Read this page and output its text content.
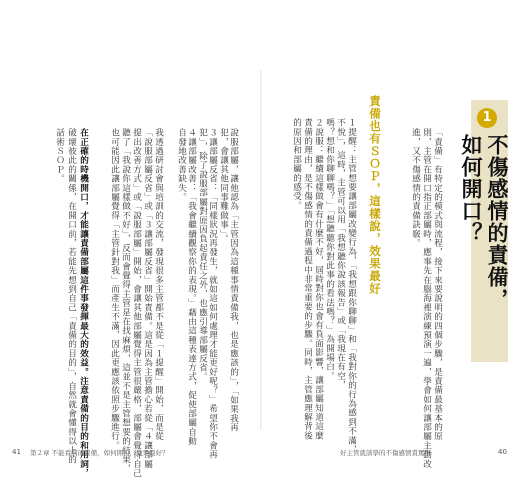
說服部屬，讓他認為「主管因為這種事情責備我，也是應該的」，「如果我再
犯，會讓其他同事難做事」。
３讓部屬反省：「同樣狀況再發生，就如這如何處理才能更好呢？」希望你不會再
犯」，除了說服部屬對原因負起責任之外，也應引導部屬反省。
４讓部屬改善：「我會繼續觀察你的表現。」藉由這種表達方式，促使部屬自動
自發地改善缺失。
我透過研討會與培訓的交流，發現很多主管都不是從「１提醒」開始，而是從
「說服部屬反省」或「３讓部屬反省」開始責備。這是因為主管擔心若從「４讓部屬
提出改善方式」或「說服部屬」開始，會讓其他部屬覺得主管很嚴格，部屬會覺得自己
聽了「我說你這樣做不好」，反而會覺得主管是在找麻煩，這並不是主管想要的結果，
也可能因此讓部屬覺得「主管針對我」而產生不滿，因此更應該依照步驟進行。
在正確的時機開口，才能讓責備部屬這件事發揮最大的效益。注意責備的目的和用詞，
破壞彼此的關係，在開口前，若能先想到自己「責備的目的」，自然就會懂得以上的
話術ＳＯＰ。
41 第２章 不能看開的責備，如何開口，效果最好？
1
不傷感情的責備，
如何開口？
「責備」有特定的模式與流程，接下來要說明的四個步驟，是責備最基本的原
則，主管在開口指正部屬時，應事先在腦海裡演練預演一遍，學會如何讓部屬主動改
進，又不傷感情的責備訣竅。
責備也有ＳＯＰ，這樣說，效果最好
１提醒：主管想要讓部屬改變行為，「我想跟你聊聊」和「我對你的行為感到不滿，
不悅」，這時，主管可以用「我想聽你說該報告」或「我現在有空，
嗎？想和你聊聊嗎？」「想聽聽你對此事的看法嗎？」為開場白。
２說服：繼續這樣做會有什麼不好，屆時對你也會有負面影響，讓部屬知道這麼
責備的理由，是不傷感情的責備過程中非常重要的步驟。同時，主管應理解背後
的原因和部屬的感受。
好主管就該學的不傷感情責罵術	40
